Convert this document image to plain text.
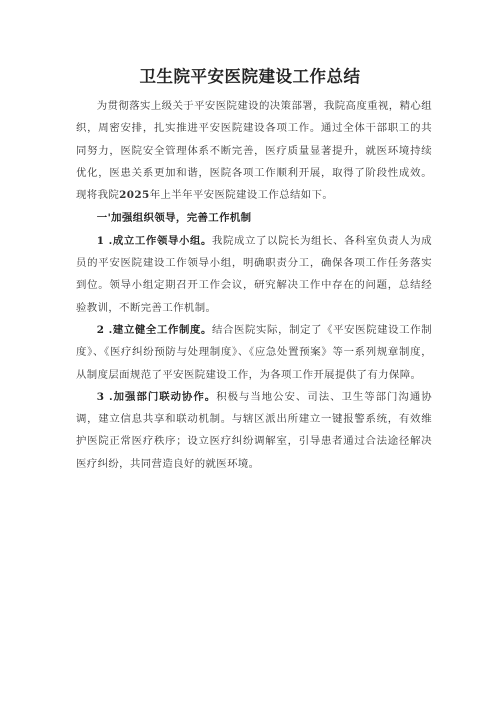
卫生院平安医院建设工作总结

为贯彻落实上级关于平安医院建设的决策部署，我院高度重视，精心组织，周密安排，扎实推进平安医院建设各项工作。通过全体干部职工的共同努力，医院安全管理体系不断完善，医疗质量显著提升，就医环境持续优化，医患关系更加和谐，医院各项工作顺利开展，取得了阶段性成效。现将我院2025年上半年平安医院建设工作总结如下。

一'加强组织领导，完善工作机制

1 .成立工作领导小组。我院成立了以院长为组长、各科室负责人为成员的平安医院建设工作领导小组，明确职责分工，确保各项工作任务落实到位。领导小组定期召开工作会议，研究解决工作中存在的问题，总结经验教训，不断完善工作机制。

2 .建立健全工作制度。结合医院实际，制定了《平安医院建设工作制度》、《医疗纠纷预防与处理制度》、《应急处置预案》等一系列规章制度，从制度层面规范了平安医院建设工作，为各项工作开展提供了有力保障。

3 .加强部门联动协作。积极与当地公安、司法、卫生等部门沟通协调，建立信息共享和联动机制。与辖区派出所建立一键报警系统，有效维护医院正常医疗秩序；设立医疗纠纷调解室，引导患者通过合法途径解决医疗纠纷，共同营造良好的就医环境。
